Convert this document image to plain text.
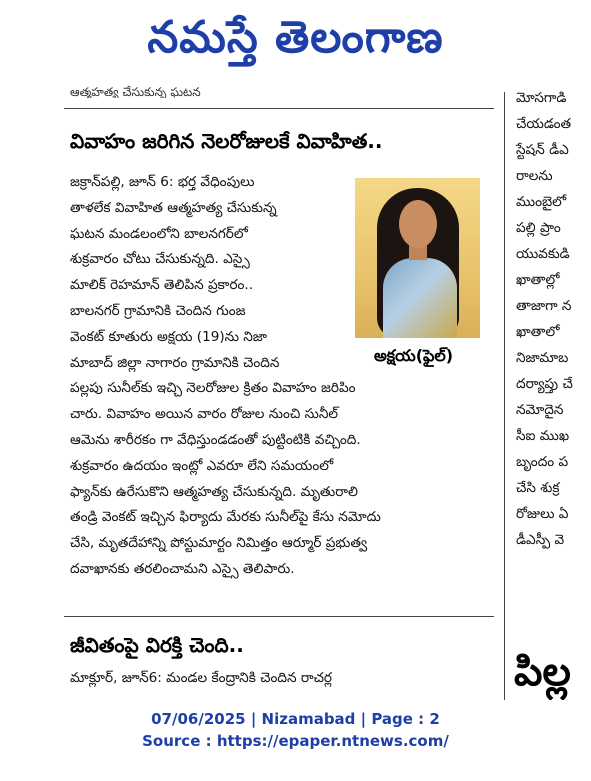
నమస్తే తెలంగాణ
ఆత్మహత్య చేసుకున్న ఘటన
వివాహం జరిగిన నెలరోజులకే వివాహిత..
జక్రాన్‌పల్లి, జూన్ 6: భర్త వేధింపులు
తాళలేక వివాహిత ఆత్మహత్య చేసుకున్న
ఘటన మండలంలోని బాలనగర్‌లో
శుక్రవారం చోటు చేసుకున్నది. ఎస్సై
మాలిక్ రెహమాన్ తెలిపిన ప్రకారం..
బాలనగర్ గ్రామానికి చెందిన గుంజ
వెంకట్ కూతురు అక్షయ (19)ను నిజా
మాబాద్ జిల్లా నాగారం గ్రామానికి చెందిన
పల్లపు సునీల్‌కు ఇచ్చి నెలరోజుల క్రితం వివాహం జరిపిం
చారు. వివాహం అయిన వారం రోజుల నుంచి సునీల్
ఆమెను శారీరకం గా వేధిస్తుండడంతో పుట్టింటికి వచ్చింది.
శుక్రవారం ఉదయం ఇంట్లో ఎవరూ లేని సమయంలో
ఫ్యాన్‌కు ఉరేసుకొని ఆత్మహత్య చేసుకున్నది. మృతురాలి
తండ్రి వెంకట్ ఇచ్చిన ఫిర్యాదు మేరకు సునీల్‌పై కేసు నమోదు
చేసి, మృతదేహాన్ని పోస్టుమార్టం నిమిత్తం ఆర్మూర్ ప్రభుత్వ
దవాఖానకు తరలించామని ఎస్సై తెలిపారు.
అక్షయ(ఫైల్)
జీవితంపై విరక్తి చెంది..
మాక్లూర్, జూన్6: మండల కేంద్రానికి చెందిన రాచర్ల
మోసగాడి
చేయడంత
స్టేషన్ డీఎ
రాలను
ముంబైలో
పల్లి ప్రాం
యువకుడి
ఖాతాల్లో
తాజాగా న
ఖాతాలో
నిజామాబ
దర్యాప్తు చే
నమోదైన
సీఐ ముఖ
బృందం ప
చేసి శుక్ర
రోజులు ఏ
డీఎస్పీ వె
పిల్ల
07/06/2025 | Nizamabad | Page : 2
Source : https://epaper.ntnews.com/
